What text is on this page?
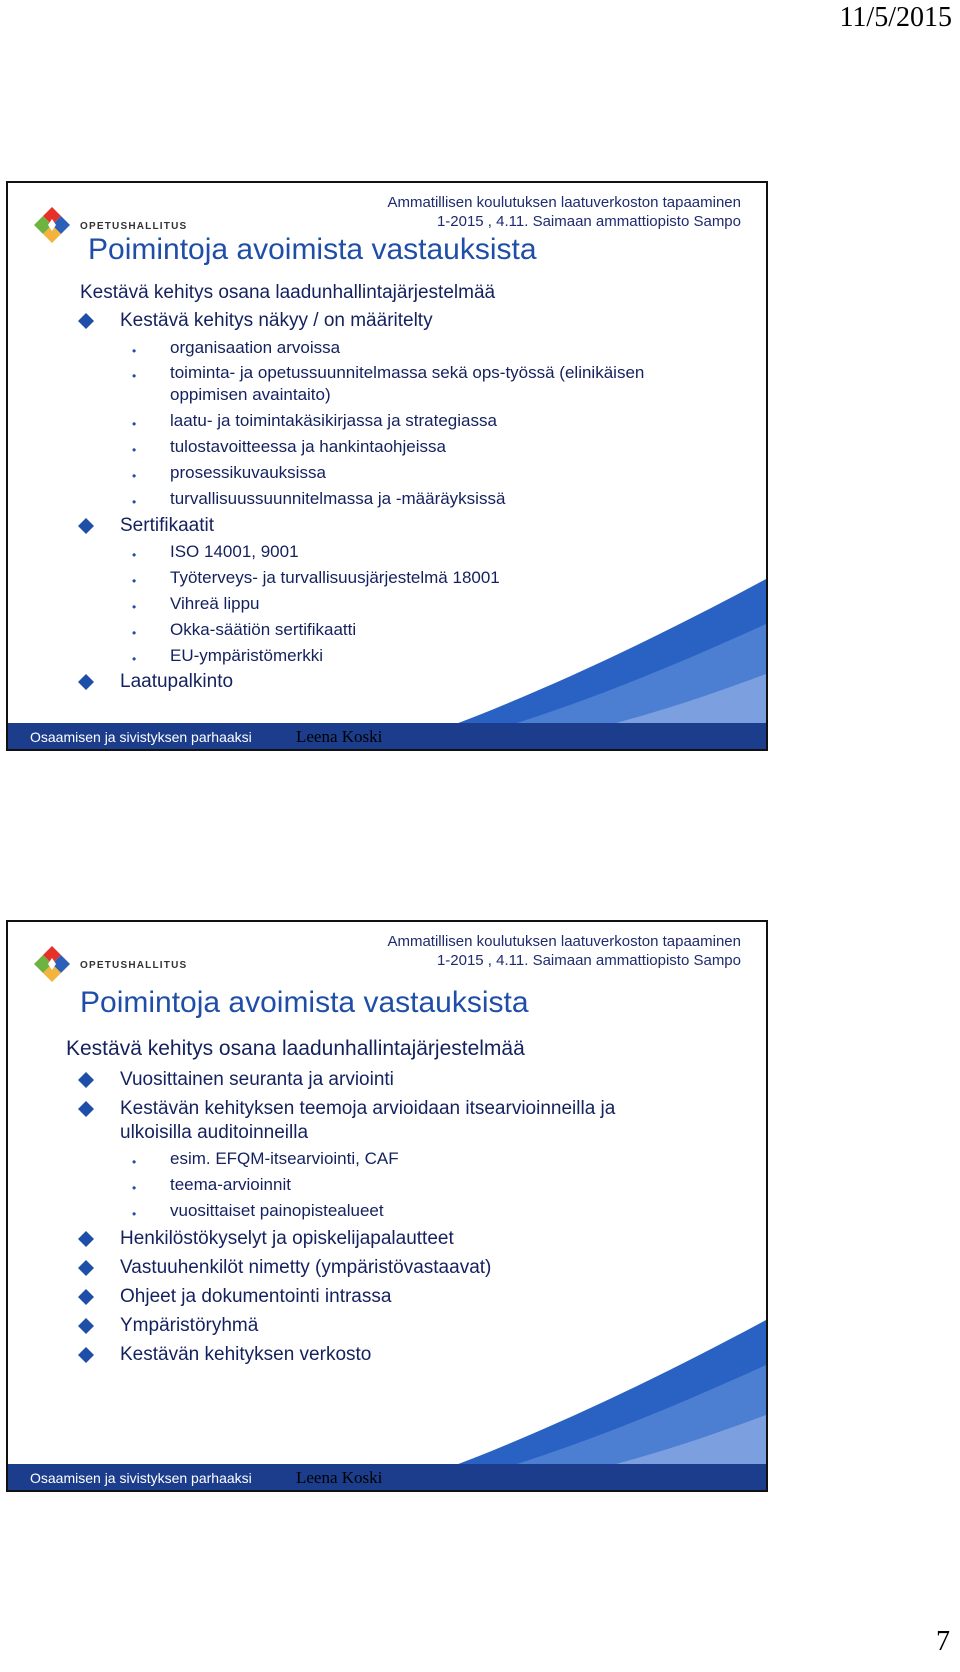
11/5/2015
OPETUSHALLITUS
Ammatillisen koulutuksen laatuverkoston tapaaminen
1-2015 , 4.11. Saimaan ammattiopisto Sampo
Poimintoja avoimista vastauksista
Kestävä kehitys osana laadunhallintajärjestelmää
Kestävä kehitys näkyy / on määritelty
• organisaation arvoissa
• toiminta- ja opetussuunnitelmassa sekä ops-työssä (elinikäisen
oppimisen avaintaito)
• laatu- ja toimintakäsikirjassa ja strategiassa
• tulostavoitteessa ja hankintaohjeissa
• prosessikuvauksissa
• turvallisuussuunnitelmassa ja -määräyksissä
Sertifikaatit
• ISO 14001, 9001
• Työterveys- ja turvallisuusjärjestelmä 18001
• Vihreä lippu
• Okka-säätiön sertifikaatti
• EU-ympäristömerkki
Laatupalkinto
Osaamisen ja sivistyksen parhaaksi	Leena Koski
OPETUSHALLITUS
Ammatillisen koulutuksen laatuverkoston tapaaminen
1-2015 , 4.11. Saimaan ammattiopisto Sampo
Poimintoja avoimista vastauksista
Kestävä kehitys osana laadunhallintajärjestelmää
Vuosittainen seuranta ja arviointi
Kestävän kehityksen teemoja arvioidaan itsearvioinneilla ja
ulkoisilla auditoinneilla
• esim. EFQM-itsearviointi, CAF
• teema-arvioinnit
• vuosittaiset painopistealueet
Henkilöstökyselyt ja opiskelijapalautteet
Vastuuhenkilöt nimetty (ympäristövastaavat)
Ohjeet ja dokumentointi intrassa
Ympäristöryhmä
Kestävän kehityksen verkosto
Osaamisen ja sivistyksen parhaaksi	Leena Koski
7
